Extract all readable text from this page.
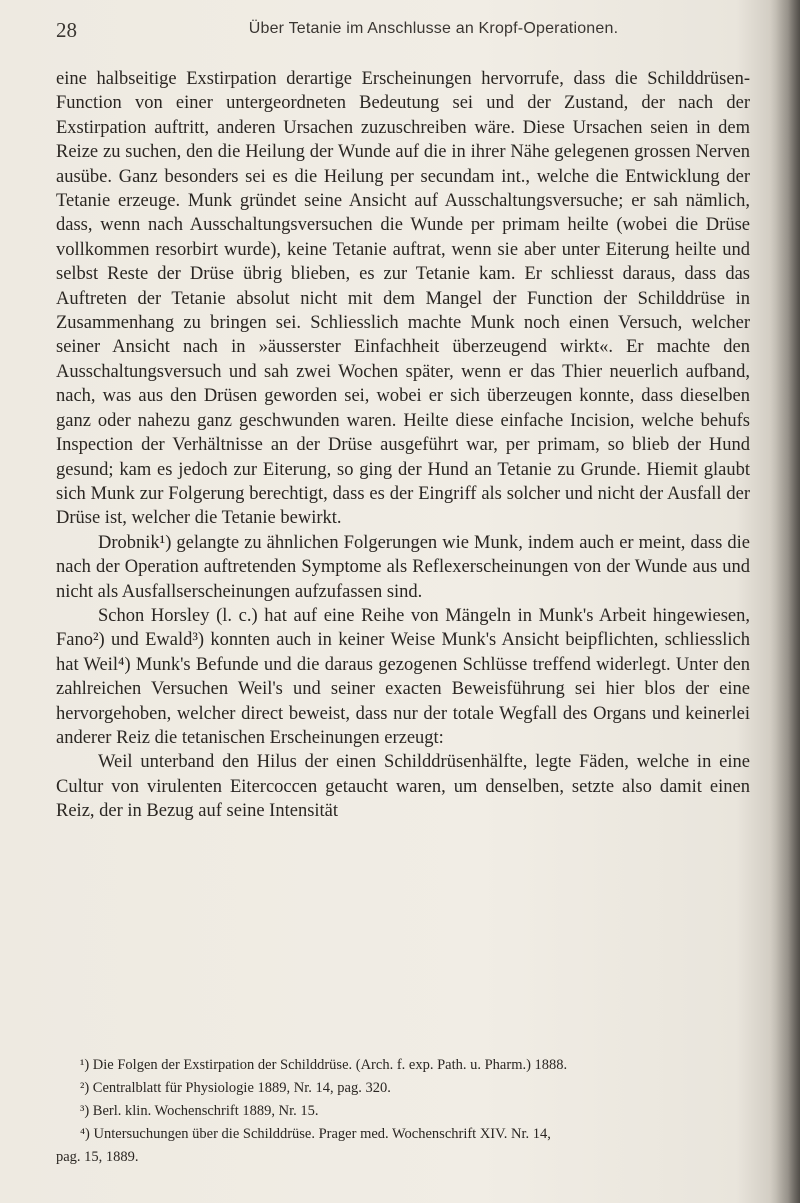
28	Über Tetanie im Anschlusse an Kropf-Operationen.

eine halbseitige Exstirpation derartige Erscheinungen hervorrufe, dass die Schilddrüsen-Function von einer untergeordneten Bedeutung sei und der Zustand, der nach der Exstirpation auftritt, anderen Ursachen zuzuschreiben wäre. Diese Ursachen seien in dem Reize zu suchen, den die Heilung der Wunde auf die in ihrer Nähe gelegenen grossen Nerven ausübe. Ganz besonders sei es die Heilung per secundam int., welche die Entwicklung der Tetanie erzeuge. Munk gründet seine Ansicht auf Ausschaltungsversuche; er sah nämlich, dass, wenn nach Ausschaltungsversuchen die Wunde per primam heilte (wobei die Drüse vollkommen resorbirt wurde), keine Tetanie auftrat, wenn sie aber unter Eiterung heilte und selbst Reste der Drüse übrig blieben, es zur Tetanie kam. Er schliesst daraus, dass das Auftreten der Tetanie absolut nicht mit dem Mangel der Function der Schilddrüse in Zusammenhang zu bringen sei. Schliesslich machte Munk noch einen Versuch, welcher seiner Ansicht nach in »äusserster Einfachheit überzeugend wirkt«. Er machte den Ausschaltungsversuch und sah zwei Wochen später, wenn er das Thier neuerlich aufband, nach, was aus den Drüsen geworden sei, wobei er sich überzeugen konnte, dass dieselben ganz oder nahezu ganz geschwunden waren. Heilte diese einfache Incision, welche behufs Inspection der Verhältnisse an der Drüse ausgeführt war, per primam, so blieb der Hund gesund; kam es jedoch zur Eiterung, so ging der Hund an Tetanie zu Grunde. Hiemit glaubt sich Munk zur Folgerung berechtigt, dass es der Eingriff als solcher und nicht der Ausfall der Drüse ist, welcher die Tetanie bewirkt.

Drobnik¹) gelangte zu ähnlichen Folgerungen wie Munk, indem auch er meint, dass die nach der Operation auftretenden Symptome als Reflexerscheinungen von der Wunde aus und nicht als Ausfallserscheinungen aufzufassen sind.

Schon Horsley (l. c.) hat auf eine Reihe von Mängeln in Munk's Arbeit hingewiesen, Fano²) und Ewald³) konnten auch in keiner Weise Munk's Ansicht beipflichten, schliesslich hat Weil⁴) Munk's Befunde und die daraus gezogenen Schlüsse treffend widerlegt. Unter den zahlreichen Versuchen Weil's und seiner exacten Beweisführung sei hier blos der eine hervorgehoben, welcher direct beweist, dass nur der totale Wegfall des Organs und keinerlei anderer Reiz die tetanischen Erscheinungen erzeugt:

Weil unterband den Hilus der einen Schilddrüsenhälfte, legte Fäden, welche in eine Cultur von virulenten Eitercoccen getaucht waren, um denselben, setzte also damit einen Reiz, der in Bezug auf seine Intensität

¹) Die Folgen der Exstirpation der Schilddrüse. (Arch. f. exp. Path. u. Pharm.) 1888.

²) Centralblatt für Physiologie 1889, Nr. 14, pag. 320.

³) Berl. klin. Wochenschrift 1889, Nr. 15.

⁴) Untersuchungen über die Schilddrüse. Prager med. Wochenschrift XIV. Nr. 14,

pag. 15, 1889.
